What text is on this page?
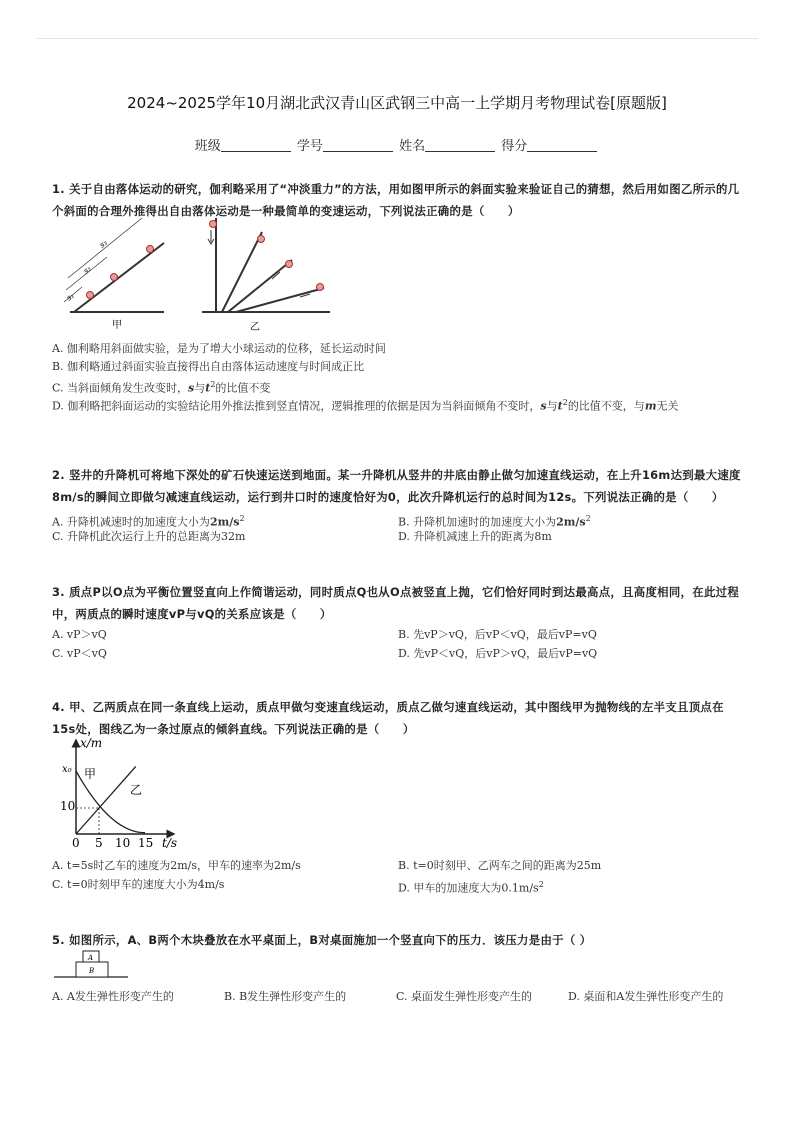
2024~2025学年10月湖北武汉青山区武钢三中高一上学期月考物理试卷[原题版]
班级	学号	姓名	得分
1. 关于自由落体运动的研究，伽利略采用了“冲淡重力”的方法，用如图甲所示的斜面实验来验证自己的猜想，然后用如图乙所示的几个斜面的合理外推得出自由落体运动是一种最简单的变速运动，下列说法正确的是（　　）
s₁
s₂
s₃
甲	乙
A. 伽利略用斜面做实验，是为了增大小球运动的位移，延长运动时间
B. 伽利略通过斜面实验直接得出自由落体运动速度与时间成正比
C. 当斜面倾角发生改变时，s与$t^2$的比值不变
D. 伽利略把斜面运动的实验结论用外推法推到竖直情况，逻辑推理的依据是因为当斜面倾角不变时，s与$t^2$的比值不变，与m无关
2. 竖井的升降机可将地下深处的矿石快速运送到地面。某一升降机从竖井的井底由静止做匀加速直线运动，在上升16m达到最大速度8m/s的瞬间立即做匀减速直线运动，运行到井口时的速度恰好为0，此次升降机运行的总时间为12s。下列说法正确的是（　　）
A. 升降机减速时的加速度大小为$2m/s^2$	B. 升降机加速时的加速度大小为$2m/s^2$
C. 升降机此次运行上升的总距离为32m	D. 升降机减速上升的距离为8m
3. 质点P以O点为平衡位置竖直向上作简谐运动，同时质点Q也从O点被竖直上抛，它们恰好同时到达最高点，且高度相同，在此过程中，两质点的瞬时速度vP与vQ的关系应该是（　　）
A. vP＞vQ	B. 先vP＞vQ，后vP＜vQ，最后vP=vQ
C. vP＜vQ	D. 先vP＜vQ，后vP＞vQ，最后vP=vQ
4. 甲、乙两质点在同一条直线上运动，质点甲做匀变速直线运动，质点乙做匀速直线运动，其中图线甲为抛物线的左半支且顶点在15s处，图线乙为一条过原点的倾斜直线。下列说法正确的是（　　）
x/m
t/s
x₀
10
0 5 10 15
甲
乙
A. t=5s时乙车的速度为2m/s，甲车的速率为2m/s	B. t=0时刻甲、乙两车之间的距离为25m
C. t=0时刻甲车的速度大小为4m/s	D. 甲车的加速度大为$0.1m/s^2$
5. 如图所示，A、B两个木块叠放在水平桌面上，B对桌面施加一个竖直向下的压力．该压力是由于（ ）
A
B
A. A发生弹性形变产生的	B. B发生弹性形变产生的	C. 桌面发生弹性形变产生的	D. 桌面和A发生弹性形变产生的
